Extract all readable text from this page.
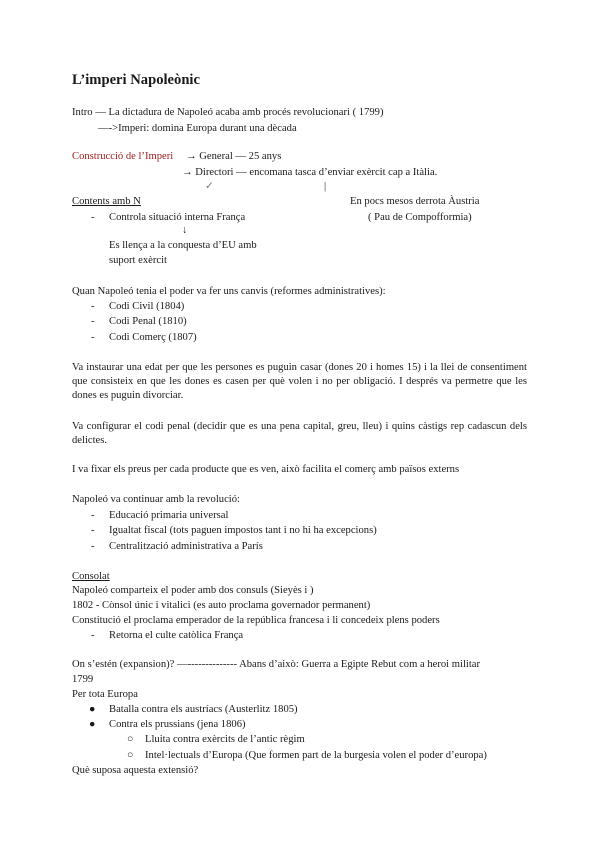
L’imperi Napoleònic
Intro — La dictadura de Napoleó acaba amb procés revolucionari ( 1799)
—->Imperi: domina Europa durant una dècada
Construcció de l’Imperi → General — 25 anys
→ Directori — encomana tasca d’enviar exèrcit cap a Itàlia.
✓	|
Contents amb N	En pocs mesos derrota Àustria
( Pau de Compofformia)
- Controla situació interna França
↓
Es llença a la conquesta d’EU amb
suport exèrcit
Quan Napoleó tenia el poder va fer uns canvis (reformes administratives):
- Codi Civil (1804)
- Codi Penal (1810)
- Codi Comerç (1807)
Va instaurar una edat per que les persones es puguin casar (dones 20 i homes 15) i la llei de consentiment que consisteix en que les dones es casen per què volen i no per obligació. I després va permetre que les dones es puguin divorciar.
Va configurar el codi penal (decidir que es una pena capital, greu, lleu) i quins càstigs rep cadascun dels delictes.
I va fixar els preus per cada producte que es ven, això facilita el comerç amb països externs
Napoleó va continuar amb la revolució:
- Educació primaria universal
- Igualtat fiscal (tots paguen impostos tant i no hi ha excepcions)
- Centralització administrativa a París
Consolat
Napoleó comparteix el poder amb dos consuls (Sieyès i )
1802 - Cònsol únic i vitalici (es auto proclama governador permanent)
Constitució el proclama emperador de la república francesa i li concedeix plens poders
- Retorna el culte catòlica França
On s’estén (expansion)? —-------------- Abans d’això: Guerra a Egipte Rebut com a heroi militar
1799
Per tota Europa
● Batalla contra els austríacs (Austerlitz 1805)
● Contra els prussians (jena 1806)
○ Lluita contra exèrcits de l’antic règim
○ Intel·lectuals d’Europa (Que formen part de la burgesia volen el poder d’europa)
Què suposa aquesta extensió?
